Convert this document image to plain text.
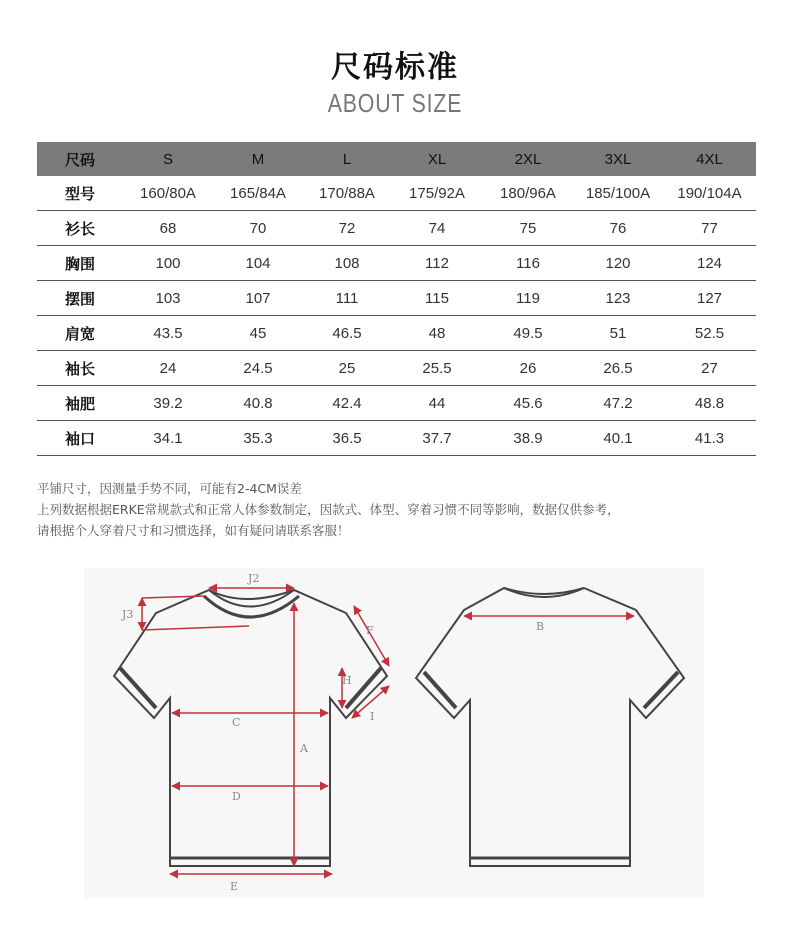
尺码标准
ABOUT SIZE
尺码	S	M	L	XL	2XL	3XL	4XL
型号	160/80A	165/84A	170/88A	175/92A	180/96A	185/100A	190/104A
衫长	68	70	72	74	75	76	77
胸围	100	104	108	112	116	120	124
摆围	103	107	111	115	119	123	127
肩宽	43.5	45	46.5	48	49.5	51	52.5
袖长	24	24.5	25	25.5	26	26.5	27
袖肥	39.2	40.8	42.4	44	45.6	47.2	48.8
袖口	34.1	35.3	36.5	37.7	38.9	40.1	41.3
平铺尺寸，因测量手势不同，可能有2-4CM误差
上列数据根据ERKE常规款式和正常人体参数制定，因款式、体型、穿着习惯不同等影响，数据仅供参考，
请根据个人穿着尺寸和习惯选择，如有疑问请联系客服！
A
B
C
D
E
F
H
I
J2
J3
